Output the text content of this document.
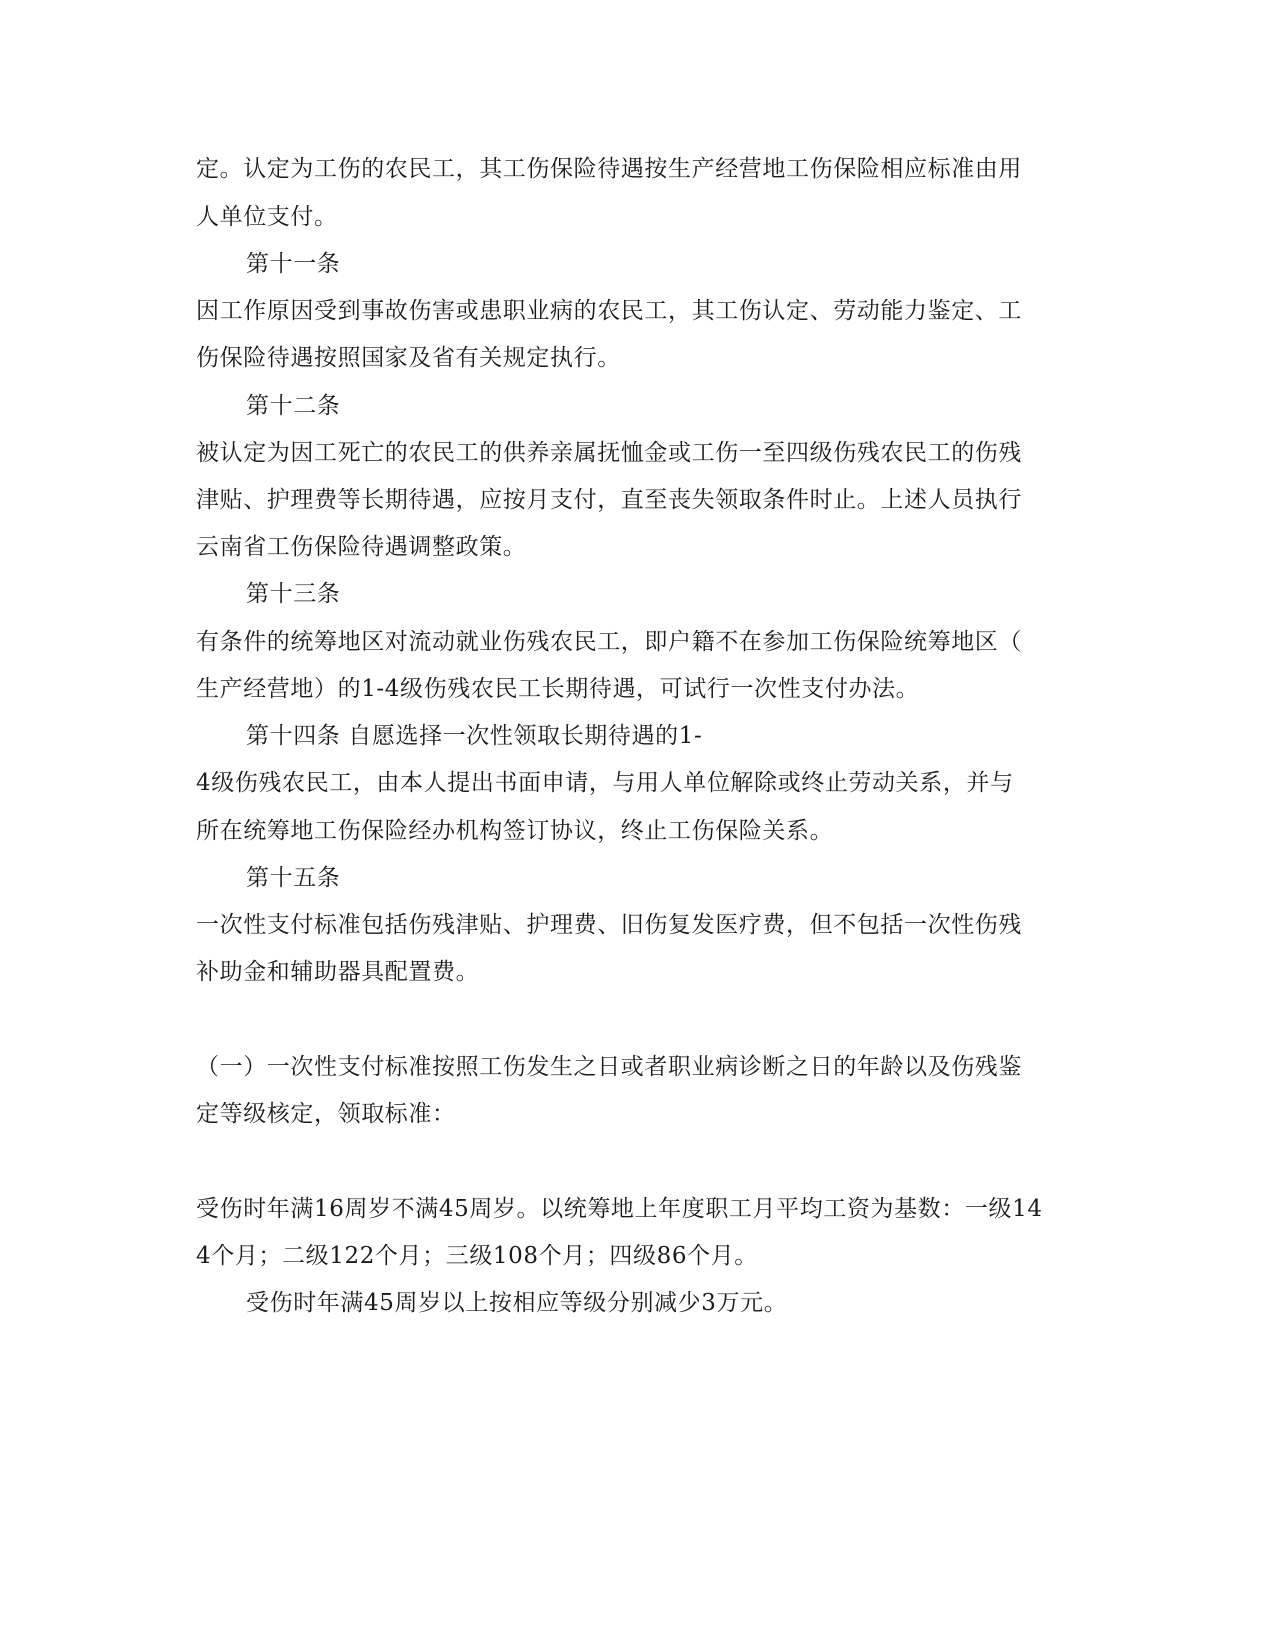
定。认定为工伤的农民工，其工伤保险待遇按生产经营地工伤保险相应标准由用
人单位支付。
第十一条
因工作原因受到事故伤害或患职业病的农民工，其工伤认定、劳动能力鉴定、工
伤保险待遇按照国家及省有关规定执行。
第十二条
被认定为因工死亡的农民工的供养亲属抚恤金或工伤一至四级伤残农民工的伤残
津贴、护理费等长期待遇，应按月支付，直至丧失领取条件时止。上述人员执行
云南省工伤保险待遇调整政策。
第十三条
有条件的统筹地区对流动就业伤残农民工，即户籍不在参加工伤保险统筹地区（
生产经营地）的1-4级伤残农民工长期待遇，可试行一次性支付办法。
第十四条 自愿选择一次性领取长期待遇的1-
4级伤残农民工，由本人提出书面申请，与用人单位解除或终止劳动关系，并与
所在统筹地工伤保险经办机构签订协议，终止工伤保险关系。
第十五条
一次性支付标准包括伤残津贴、护理费、旧伤复发医疗费，但不包括一次性伤残
补助金和辅助器具配置费。
（一）一次性支付标准按照工伤发生之日或者职业病诊断之日的年龄以及伤残鉴
定等级核定，领取标准：
受伤时年满16周岁不满45周岁。以统筹地上年度职工月平均工资为基数：一级14
4个月；二级122个月；三级108个月；四级86个月。
受伤时年满45周岁以上按相应等级分别减少3万元。
